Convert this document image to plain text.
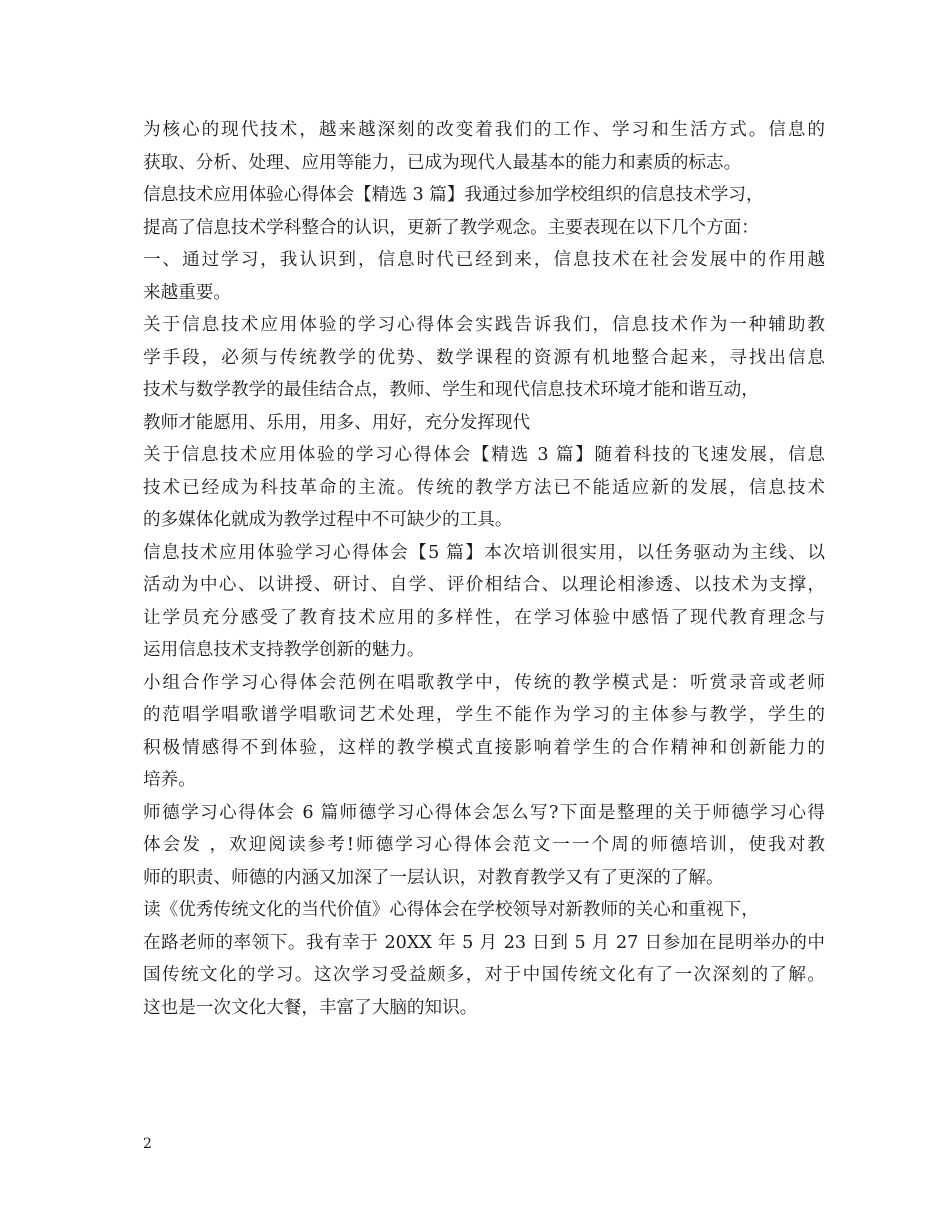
为核心的现代技术，越来越深刻的改变着我们的工作、学习和生活方式。信息的
获取、分析、处理、应用等能力，已成为现代人最基本的能力和素质的标志。
信息技术应用体验心得体会【精选 3 篇】我通过参加学校组织的信息技术学习，
提高了信息技术学科整合的认识，更新了教学观念。主要表现在以下几个方面：
一、通过学习，我认识到，信息时代已经到来，信息技术在社会发展中的作用越
来越重要。
关于信息技术应用体验的学习心得体会实践告诉我们，信息技术作为一种辅助教
学手段，必须与传统教学的优势、数学课程的资源有机地整合起来，寻找出信息
技术与数学教学的最佳结合点，教师、学生和现代信息技术环境才能和谐互动，
教师才能愿用、乐用，用多、用好，充分发挥现代
关于信息技术应用体验的学习心得体会【精选 3 篇】随着科技的飞速发展，信息
技术已经成为科技革命的主流。传统的教学方法已不能适应新的发展，信息技术
的多媒体化就成为教学过程中不可缺少的工具。
信息技术应用体验学习心得体会【5 篇】本次培训很实用，以任务驱动为主线、以
活动为中心、以讲授、研讨、自学、评价相结合、以理论相渗透、以技术为支撑，
让学员充分感受了教育技术应用的多样性，在学习体验中感悟了现代教育理念与
运用信息技术支持教学创新的魅力。
小组合作学习心得体会范例在唱歌教学中，传统的教学模式是：听赏录音或老师
的范唱学唱歌谱学唱歌词艺术处理，学生不能作为学习的主体参与教学，学生的
积极情感得不到体验，这样的教学模式直接影响着学生的合作精神和创新能力的
培养。
师德学习心得体会 6 篇师德学习心得体会怎么写?下面是整理的关于师德学习心得
体会发 ，欢迎阅读参考!师德学习心得体会范文一一个周的师德培训，使我对教
师的职责、师德的内涵又加深了一层认识，对教育教学又有了更深的了解。
读《优秀传统文化的当代价值》心得体会在学校领导对新教师的关心和重视下，
在路老师的率领下。我有幸于 20XX 年 5 月 23 日到 5 月 27 日参加在昆明举办的中
国传统文化的学习。这次学习受益颇多，对于中国传统文化有了一次深刻的了解。
这也是一次文化大餐，丰富了大脑的知识。
2
